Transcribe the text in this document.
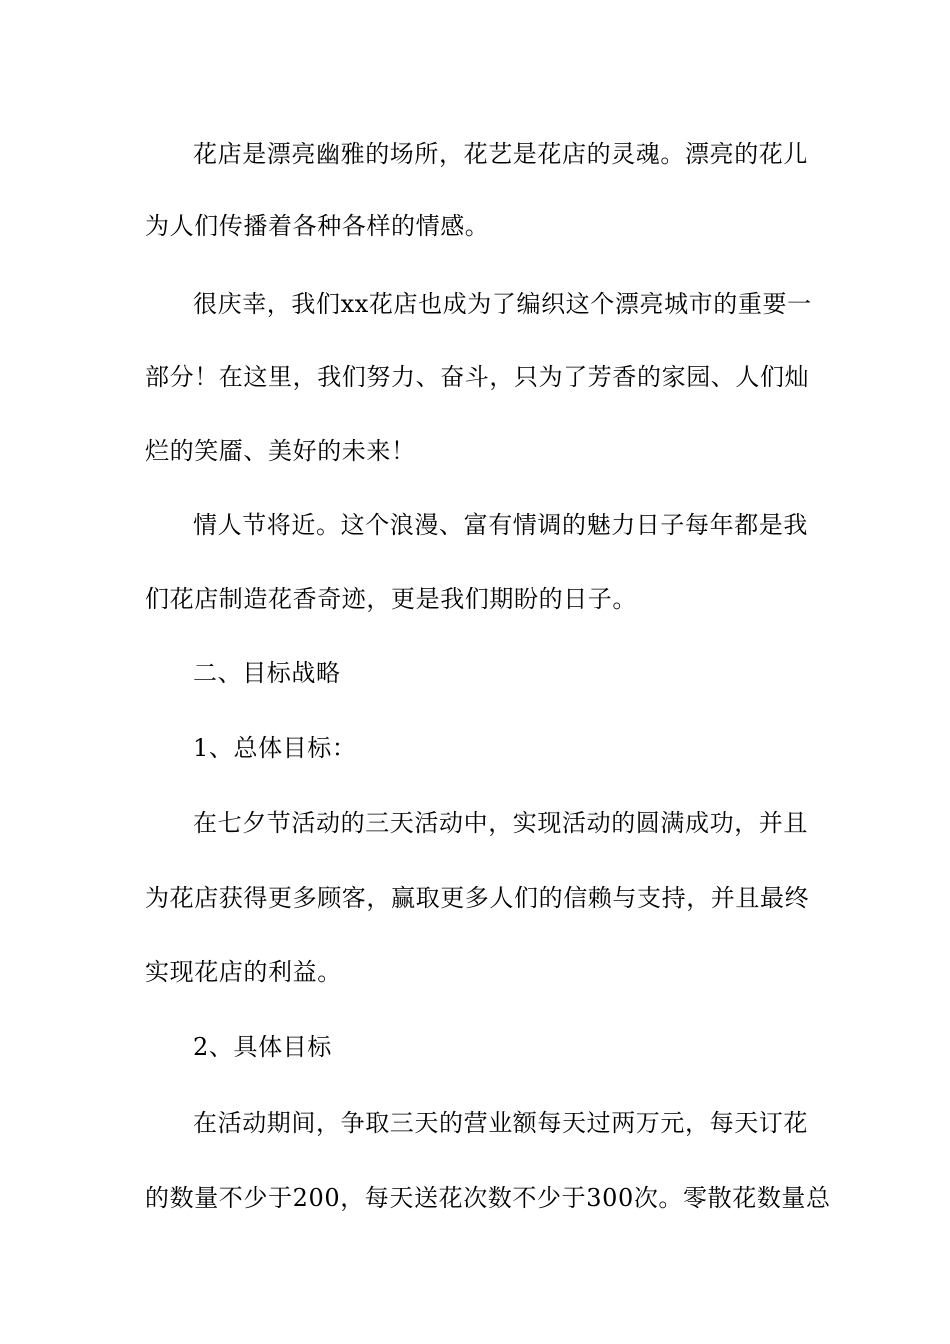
花店是漂亮幽雅的场所，花艺是花店的灵魂。漂亮的花儿
为人们传播着各种各样的情感。
很庆幸，我们xx花店也成为了编织这个漂亮城市的重要一
部分！在这里，我们努力、奋斗，只为了芳香的家园、人们灿
烂的笑靥、美好的未来！
情人节将近。这个浪漫、富有情调的魅力日子每年都是我
们花店制造花香奇迹，更是我们期盼的日子。
二、目标战略
1、总体目标：
在七夕节活动的三天活动中，实现活动的圆满成功，并且
为花店获得更多顾客，赢取更多人们的信赖与支持，并且最终
实现花店的利益。
2、具体目标
在活动期间，争取三天的营业额每天过两万元，每天订花
的数量不少于200，每天送花次数不少于300次。零散花数量总
